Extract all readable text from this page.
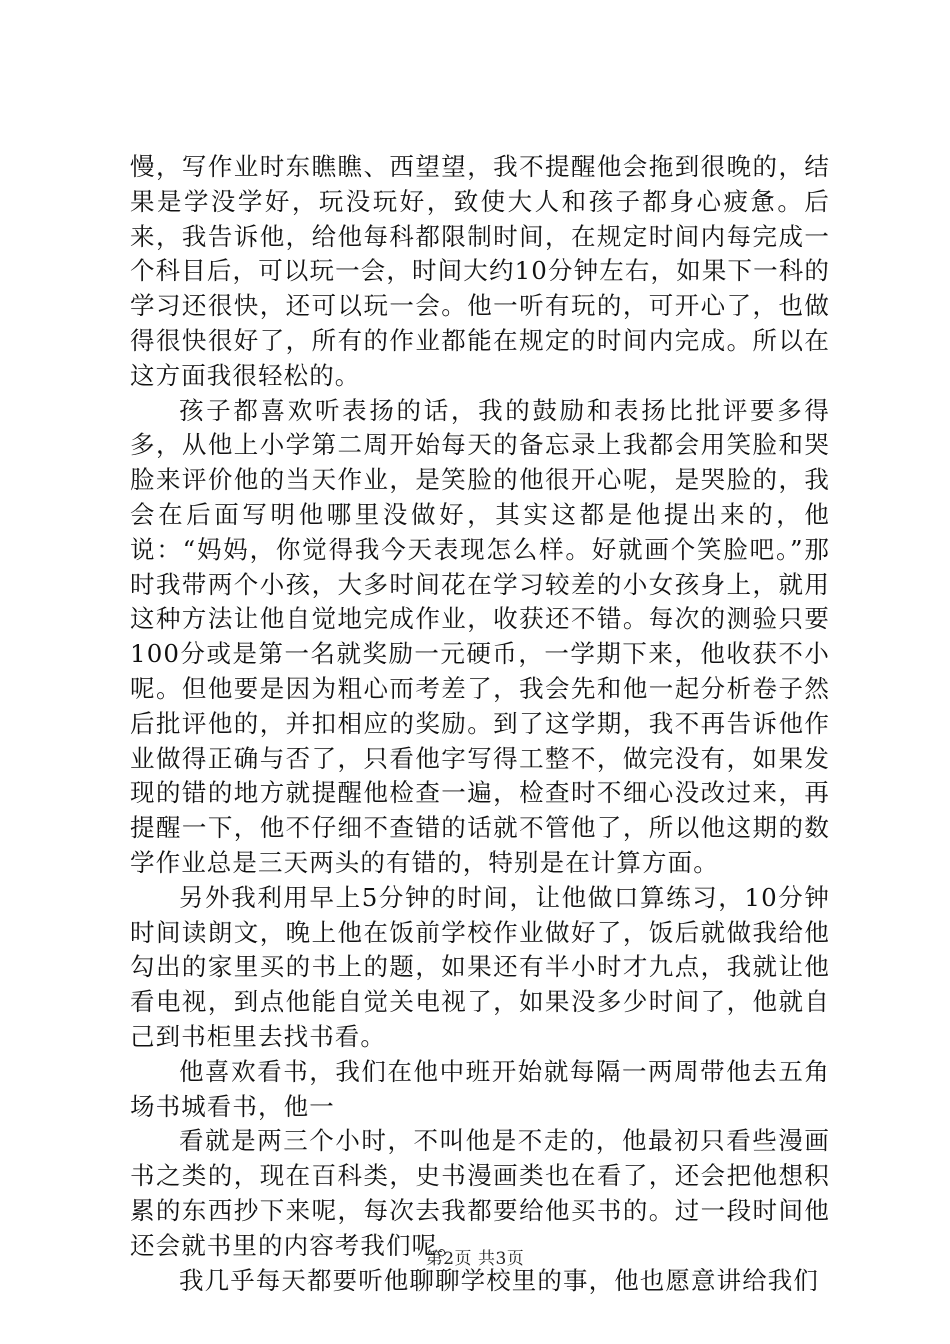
慢，写作业时东瞧瞧、西望望，我不提醒他会拖到很晚的，结果是学没学好，玩没玩好，致使大人和孩子都身心疲惫。后来，我告诉他，给他每科都限制时间，在规定时间内每完成一个科目后，可以玩一会，时间大约10分钟左右，如果下一科的学习还很快，还可以玩一会。他一听有玩的，可开心了，也做得很快很好了，所有的作业都能在规定的时间内完成。所以在这方面我很轻松的。

孩子都喜欢听表扬的话，我的鼓励和表扬比批评要多得多，从他上小学第二周开始每天的备忘录上我都会用笑脸和哭脸来评价他的当天作业，是笑脸的他很开心呢，是哭脸的，我会在后面写明他哪里没做好，其实这都是他提出来的，他说：“妈妈，你觉得我今天表现怎么样。好就画个笑脸吧。”那时我带两个小孩，大多时间花在学习较差的小女孩身上，就用这种方法让他自觉地完成作业，收获还不错。每次的测验只要100分或是第一名就奖励一元硬币，一学期下来，他收获不小呢。但他要是因为粗心而考差了，我会先和他一起分析卷子然后批评他的，并扣相应的奖励。到了这学期，我不再告诉他作业做得正确与否了，只看他字写得工整不，做完没有，如果发现的错的地方就提醒他检查一遍，检查时不细心没改过来，再提醒一下，他不仔细不查错的话就不管他了，所以他这期的数学作业总是三天两头的有错的，特别是在计算方面。

另外我利用早上5分钟的时间，让他做口算练习，10分钟时间读朗文，晚上他在饭前学校作业做好了，饭后就做我给他勾出的家里买的书上的题，如果还有半小时才九点，我就让他看电视，到点他能自觉关电视了，如果没多少时间了，他就自己到书柜里去找书看。

他喜欢看书，我们在他中班开始就每隔一两周带他去五角场书城看书，他一

看就是两三个小时，不叫他是不走的，他最初只看些漫画书之类的，现在百科类，史书漫画类也在看了，还会把他想积累的东西抄下来呢，每次去我都要给他买书的。过一段时间他还会就书里的内容考我们呢。

我几乎每天都要听他聊聊学校里的事，他也愿意讲给我们

第2页 共3页
